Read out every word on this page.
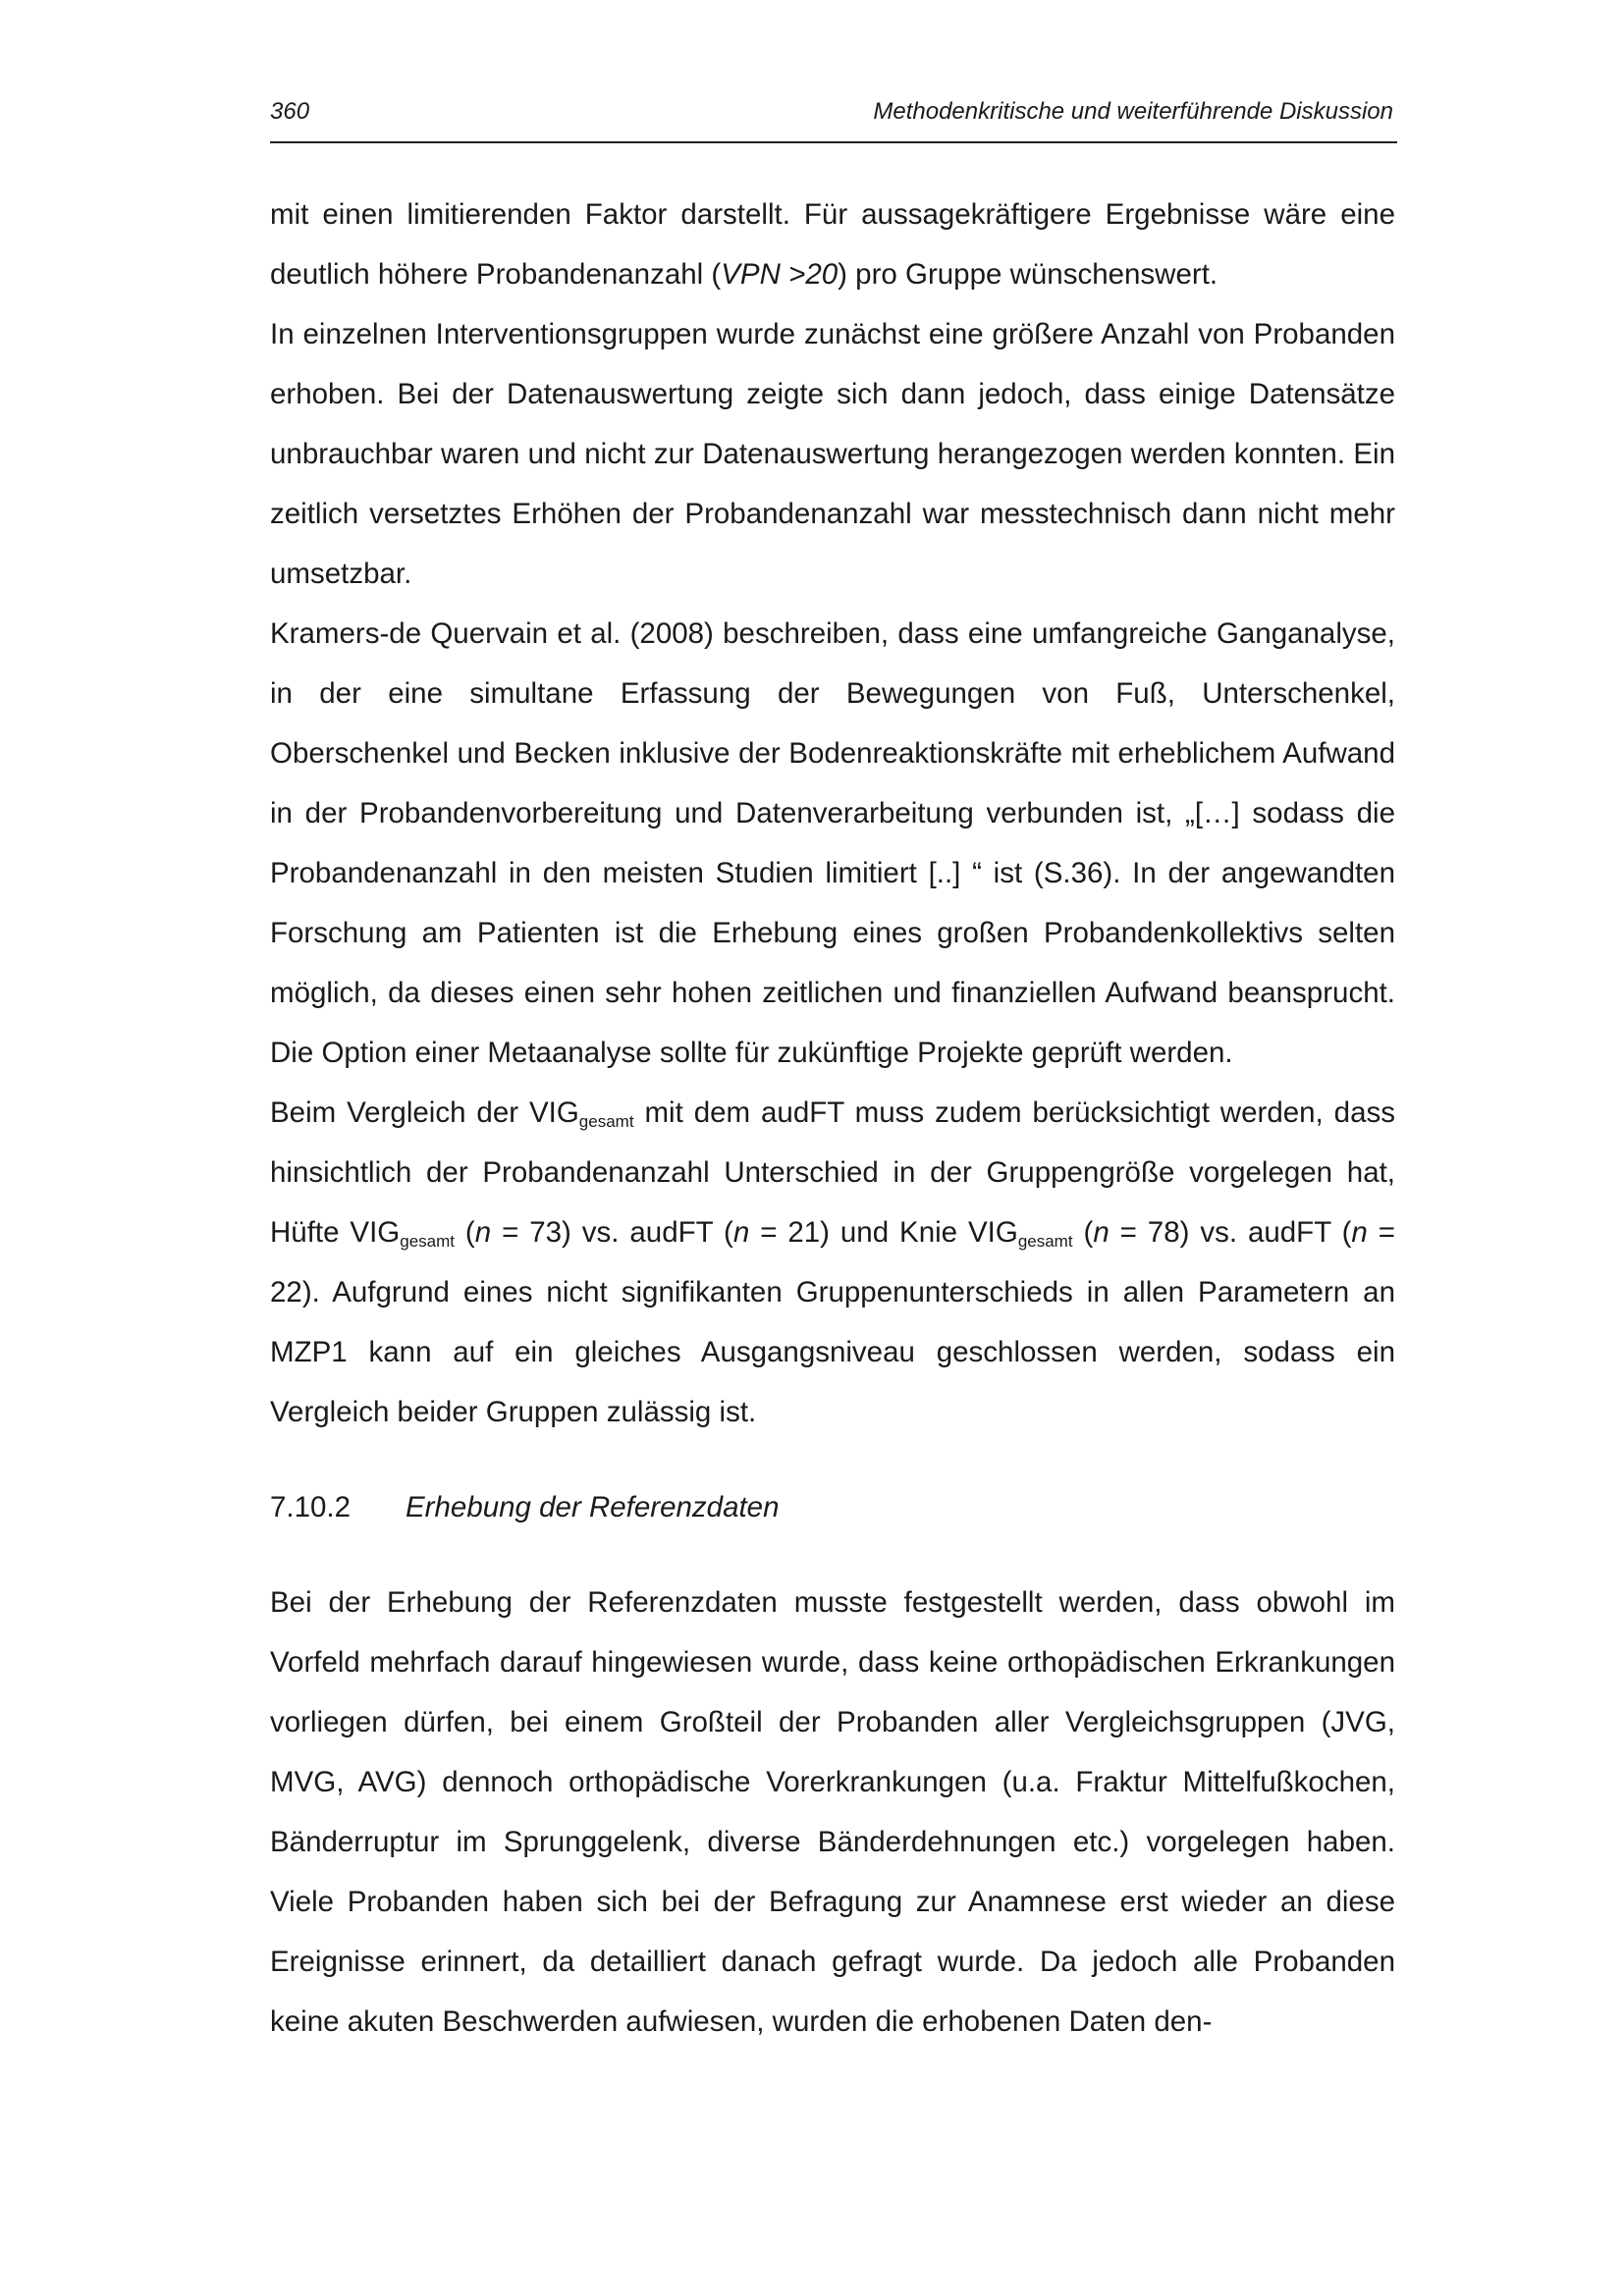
360	Methodenkritische und weiterführende Diskussion

mit einen limitierenden Faktor darstellt. Für aussagekräftigere Ergebnisse wäre eine deutlich höhere Probandenanzahl (VPN >20) pro Gruppe wünschenswert.

In einzelnen Interventionsgruppen wurde zunächst eine größere Anzahl von Probanden erhoben. Bei der Datenauswertung zeigte sich dann jedoch, dass einige Datensätze unbrauchbar waren und nicht zur Datenauswertung herangezogen werden konnten. Ein zeitlich versetztes Erhöhen der Probandenanzahl war messtechnisch dann nicht mehr umsetzbar.

Kramers-de Quervain et al. (2008) beschreiben, dass eine umfangreiche Ganganalyse, in der eine simultane Erfassung der Bewegungen von Fuß, Unterschenkel, Oberschenkel und Becken inklusive der Bodenreaktionskräfte mit erheblichem Aufwand in der Probandenvorbereitung und Datenverarbeitung verbunden ist, „[…] sodass die Probandenanzahl in den meisten Studien limitiert [..] “ ist (S.36). In der angewandten Forschung am Patienten ist die Erhebung eines großen Probandenkollektivs selten möglich, da dieses einen sehr hohen zeitlichen und finanziellen Aufwand beansprucht. Die Option einer Metaanalyse sollte für zukünftige Projekte geprüft werden.

Beim Vergleich der $VIG_{gesamt}$ mit dem audFT muss zudem berücksichtigt werden, dass hinsichtlich der Probandenanzahl Unterschied in der Gruppengröße vorgelegen hat, Hüfte $VIG_{gesamt}$ (n = 73) vs. audFT (n = 21) und Knie $VIG_{gesamt}$ (n = 78) vs. audFT (n = 22). Aufgrund eines nicht signifikanten Gruppenunterschieds in allen Parametern an MZP1 kann auf ein gleiches Ausgangsniveau geschlossen werden, sodass ein Vergleich beider Gruppen zulässig ist.

7.10.2 Erhebung der Referenzdaten

Bei der Erhebung der Referenzdaten musste festgestellt werden, dass obwohl im Vorfeld mehrfach darauf hingewiesen wurde, dass keine orthopädischen Erkrankungen vorliegen dürfen, bei einem Großteil der Probanden aller Vergleichsgruppen (JVG, MVG, AVG) dennoch orthopädische Vorerkrankungen (u.a. Fraktur Mittelfußkochen, Bänderruptur im Sprunggelenk, diverse Bänderdehnungen etc.) vorgelegen haben. Viele Probanden haben sich bei der Befragung zur Anamnese erst wieder an diese Ereignisse erinnert, da detailliert danach gefragt wurde. Da jedoch alle Probanden keine akuten Beschwerden aufwiesen, wurden die erhobenen Daten den-
